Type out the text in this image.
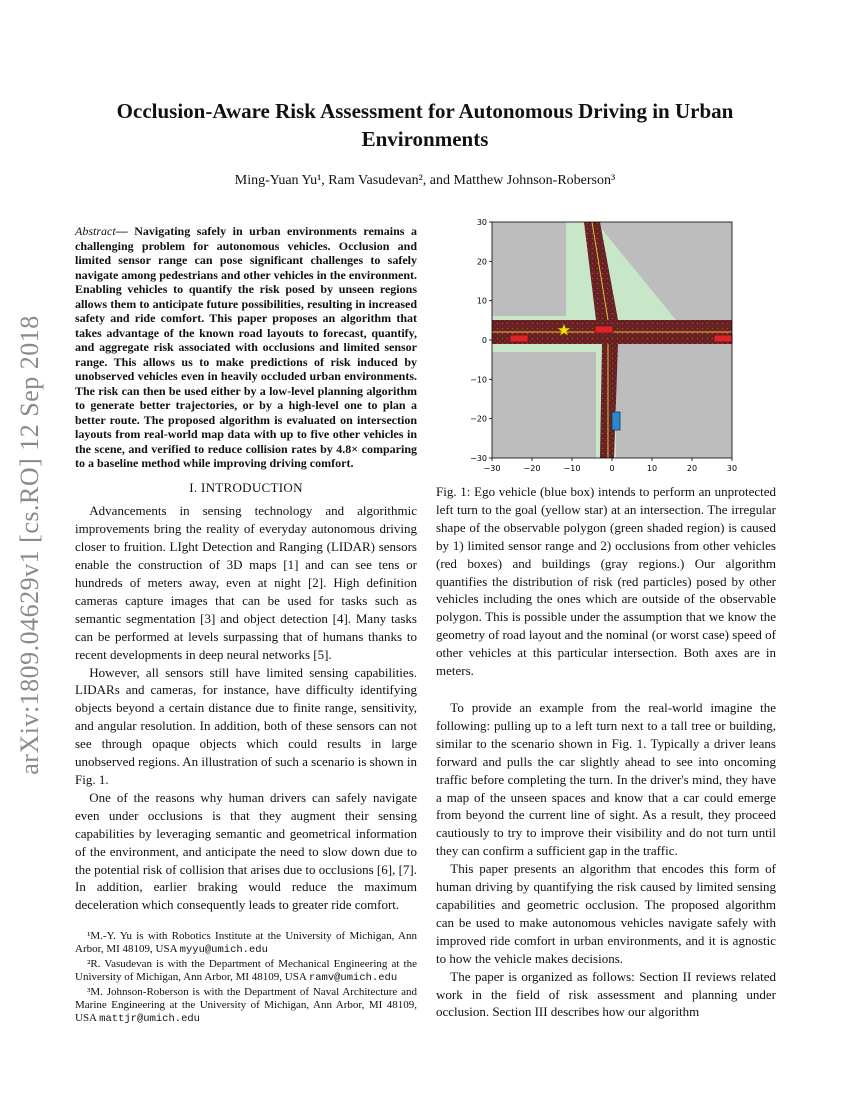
arXiv:1809.04629v1 [cs.RO] 12 Sep 2018
Occlusion-Aware Risk Assessment for Autonomous Driving in Urban Environments
Ming-Yuan Yu¹, Ram Vasudevan², and Matthew Johnson-Roberson³
Abstract— Navigating safely in urban environments remains a challenging problem for autonomous vehicles. Occlusion and limited sensor range can pose significant challenges to safely navigate among pedestrians and other vehicles in the environment. Enabling vehicles to quantify the risk posed by unseen regions allows them to anticipate future possibilities, resulting in increased safety and ride comfort. This paper proposes an algorithm that takes advantage of the known road layouts to forecast, quantify, and aggregate risk associated with occlusions and limited sensor range. This allows us to make predictions of risk induced by unobserved vehicles even in heavily occluded urban environments. The risk can then be used either by a low-level planning algorithm to generate better trajectories, or by a high-level one to plan a better route. The proposed algorithm is evaluated on intersection layouts from real-world map data with up to five other vehicles in the scene, and verified to reduce collision rates by 4.8× comparing to a baseline method while improving driving comfort.
I. INTRODUCTION

Advancements in sensing technology and algorithmic improvements bring the reality of everyday autonomous driving closer to fruition. LIght Detection and Ranging (LIDAR) sensors enable the construction of 3D maps [1] and can see tens or hundreds of meters away, even at night [2]. High definition cameras capture images that can be used for tasks such as semantic segmentation [3] and object detection [4]. Many tasks can be performed at levels surpassing that of humans thanks to recent developments in deep neural networks [5].

However, all sensors still have limited sensing capabilities. LIDARs and cameras, for instance, have difficulty identifying objects beyond a certain distance due to finite range, sensitivity, and angular resolution. In addition, both of these sensors can not see through opaque objects which could results in large unobserved regions. An illustration of such a scenario is shown in Fig. 1.

One of the reasons why human drivers can safely navigate even under occlusions is that they augment their sensing capabilities by leveraging semantic and geometrical information of the environment, and anticipate the need to slow down due to the potential risk of collision that arises due to occlusions [6], [7]. In addition, earlier braking would reduce the maximum deceleration which consequently leads to greater ride comfort.

¹M.-Y. Yu is with Robotics Institute at the University of Michigan, Ann Arbor, MI 48109, USA myyu@umich.edu
²R. Vasudevan is with the Department of Mechanical Engineering at the University of Michigan, Ann Arbor, MI 48109, USA ramv@umich.edu
³M. Johnson-Roberson is with the Department of Naval Architecture and Marine Engineering at the University of Michigan, Ann Arbor, MI 48109, USA mattjr@umich.edu
−30	−20	−10	0	10	20	30
30
20
10
0
−10
−20
−30
Fig. 1: Ego vehicle (blue box) intends to perform an unprotected left turn to the goal (yellow star) at an intersection. The irregular shape of the observable polygon (green shaded region) is caused by 1) limited sensor range and 2) occlusions from other vehicles (red boxes) and buildings (gray regions.) Our algorithm quantifies the distribution of risk (red particles) posed by other vehicles including the ones which are outside of the observable polygon. This is possible under the assumption that we know the geometry of road layout and the nominal (or worst case) speed of other vehicles at this particular intersection. Both axes are in meters.

To provide an example from the real-world imagine the following: pulling up to a left turn next to a tall tree or building, similar to the scenario shown in Fig. 1. Typically a driver leans forward and pulls the car slightly ahead to see into oncoming traffic before completing the turn. In the driver's mind, they have a map of the unseen spaces and know that a car could emerge from beyond the current line of sight. As a result, they proceed cautiously to try to improve their visibility and do not turn until they can confirm a sufficient gap in the traffic.

This paper presents an algorithm that encodes this form of human driving by quantifying the risk caused by limited sensing capabilities and geometric occlusion. The proposed algorithm can be used to make autonomous vehicles navigate safely with improved ride comfort in urban environments, and it is agnostic to how the vehicle makes decisions.

The paper is organized as follows: Section II reviews related work in the field of risk assessment and planning under occlusion. Section III describes how our algorithm
